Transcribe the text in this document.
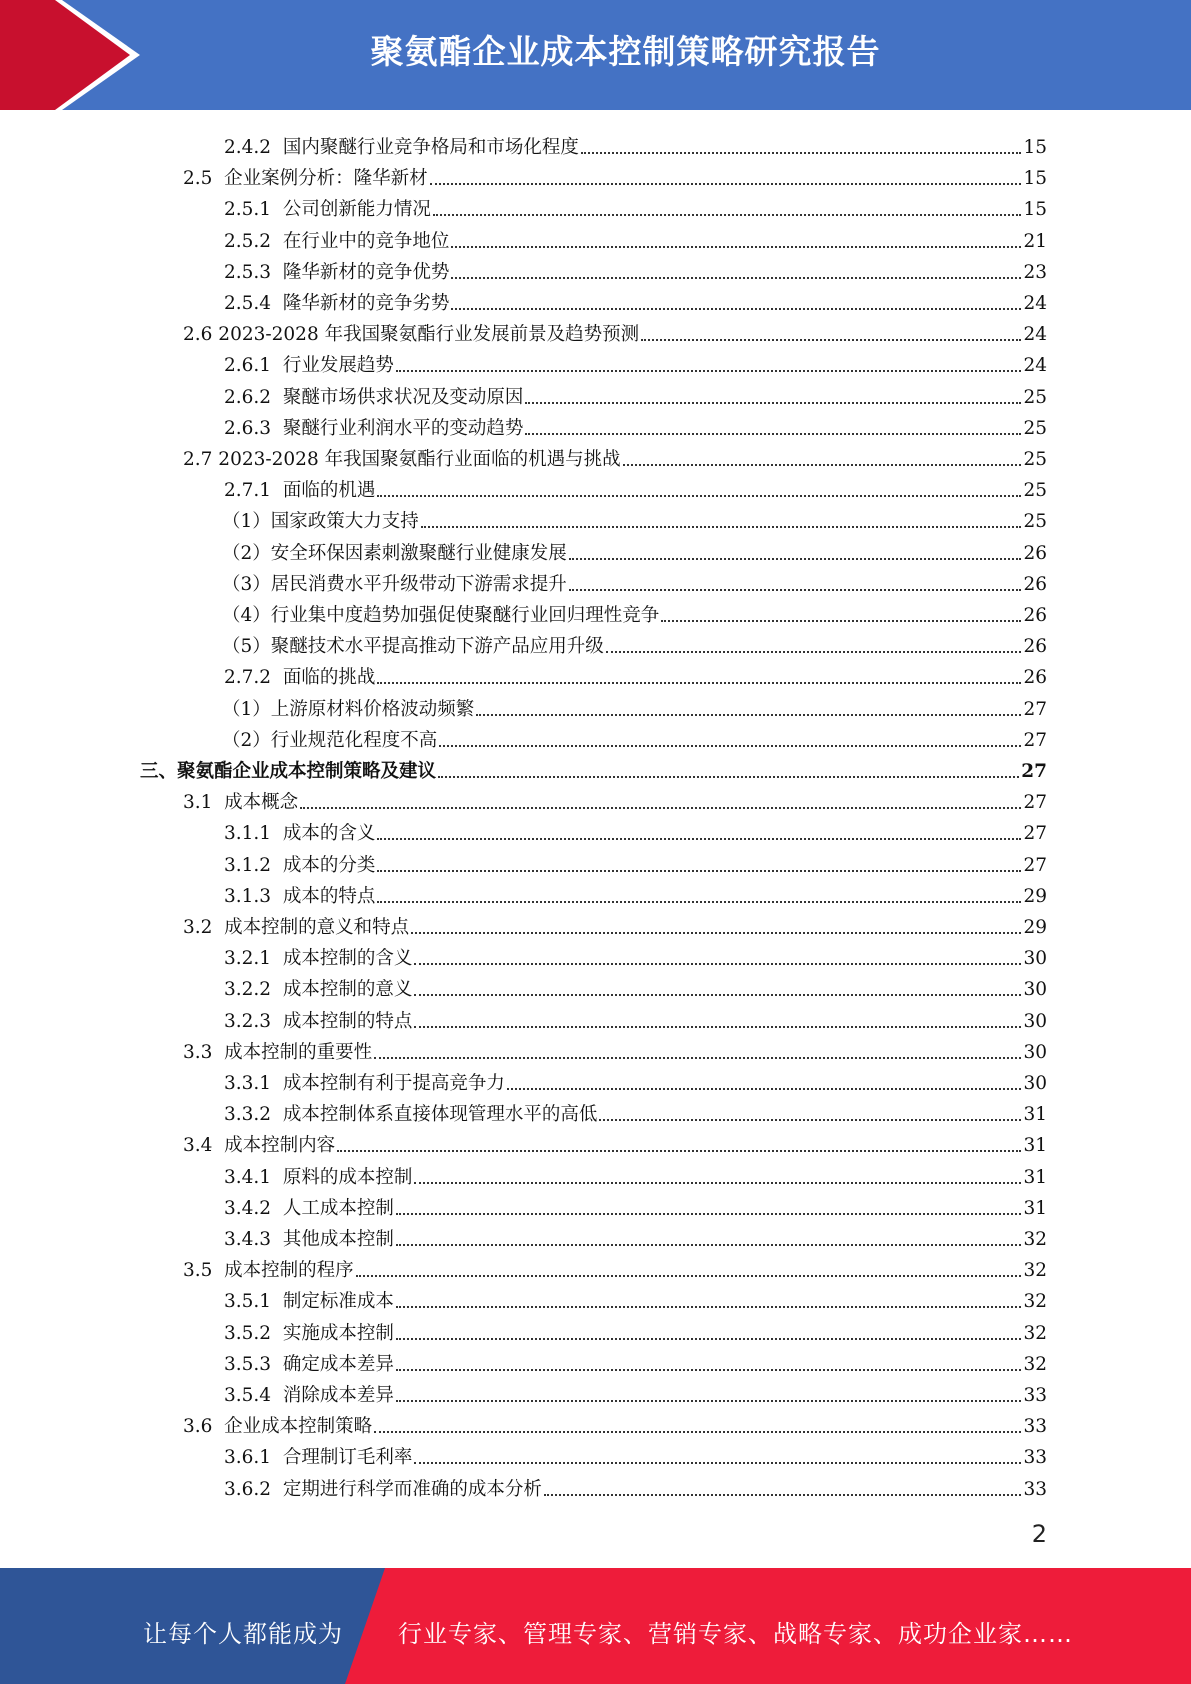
聚氨酯企业成本控制策略研究报告
2.4.2  国内聚醚行业竞争格局和市场化程度	15
2.5  企业案例分析：隆华新材	15
2.5.1  公司创新能力情况	15
2.5.2  在行业中的竞争地位	21
2.5.3  隆华新材的竞争优势	23
2.5.4  隆华新材的竞争劣势	24
2.6 2023-2028 年我国聚氨酯行业发展前景及趋势预测	24
2.6.1  行业发展趋势	24
2.6.2  聚醚市场供求状况及变动原因	25
2.6.3  聚醚行业利润水平的变动趋势	25
2.7 2023-2028 年我国聚氨酯行业面临的机遇与挑战	25
2.7.1  面临的机遇	25
（1）国家政策大力支持	25
（2）安全环保因素刺激聚醚行业健康发展	26
（3）居民消费水平升级带动下游需求提升	26
（4）行业集中度趋势加强促使聚醚行业回归理性竞争	26
（5）聚醚技术水平提高推动下游产品应用升级	26
2.7.2  面临的挑战	26
（1）上游原材料价格波动频繁	27
（2）行业规范化程度不高	27
三、聚氨酯企业成本控制策略及建议	27
3.1  成本概念	27
3.1.1  成本的含义	27
3.1.2  成本的分类	27
3.1.3  成本的特点	29
3.2  成本控制的意义和特点	29
3.2.1  成本控制的含义	30
3.2.2  成本控制的意义	30
3.2.3  成本控制的特点	30
3.3  成本控制的重要性	30
3.3.1  成本控制有利于提高竞争力	30
3.3.2  成本控制体系直接体现管理水平的高低	31
3.4  成本控制内容	31
3.4.1  原料的成本控制	31
3.4.2  人工成本控制	31
3.4.3  其他成本控制	32
3.5  成本控制的程序	32
3.5.1  制定标准成本	32
3.5.2  实施成本控制	32
3.5.3  确定成本差异	32
3.5.4  消除成本差异	33
3.6  企业成本控制策略	33
3.6.1  合理制订毛利率	33
3.6.2  定期进行科学而准确的成本分析	33
2
让每个人都能成为 行业专家、管理专家、营销专家、战略专家、成功企业家……
